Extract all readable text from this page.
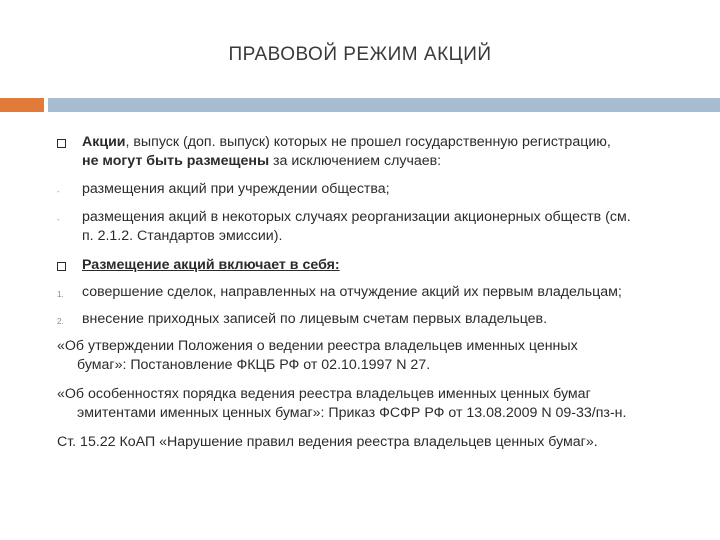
ПРАВОВОЙ РЕЖИМ АКЦИЙ
Акции, выпуск (доп. выпуск) которых не прошел государственную регистрацию,
не могут быть размещены за исключением случаев:
- размещения акций при учреждении общества;
- размещения акций в некоторых случаях реорганизации акционерных обществ (см.
п. 2.1.2. Стандартов эмиссии).
Размещение акций включает в себя:
1. совершение сделок, направленных на отчуждение акций их первым владельцам;
2. внесение приходных записей по лицевым счетам первых владельцев.
«Об утверждении Положения о ведении реестра владельцев именных ценных
бумаг»: Постановление ФКЦБ РФ от 02.10.1997 N 27.
«Об особенностях порядка ведения реестра владельцев именных ценных бумаг
эмитентами именных ценных бумаг»: Приказ ФСФР РФ от 13.08.2009 N 09-33/пз-н.
Ст. 15.22 КоАП «Нарушение правил ведения реестра владельцев ценных бумаг».
